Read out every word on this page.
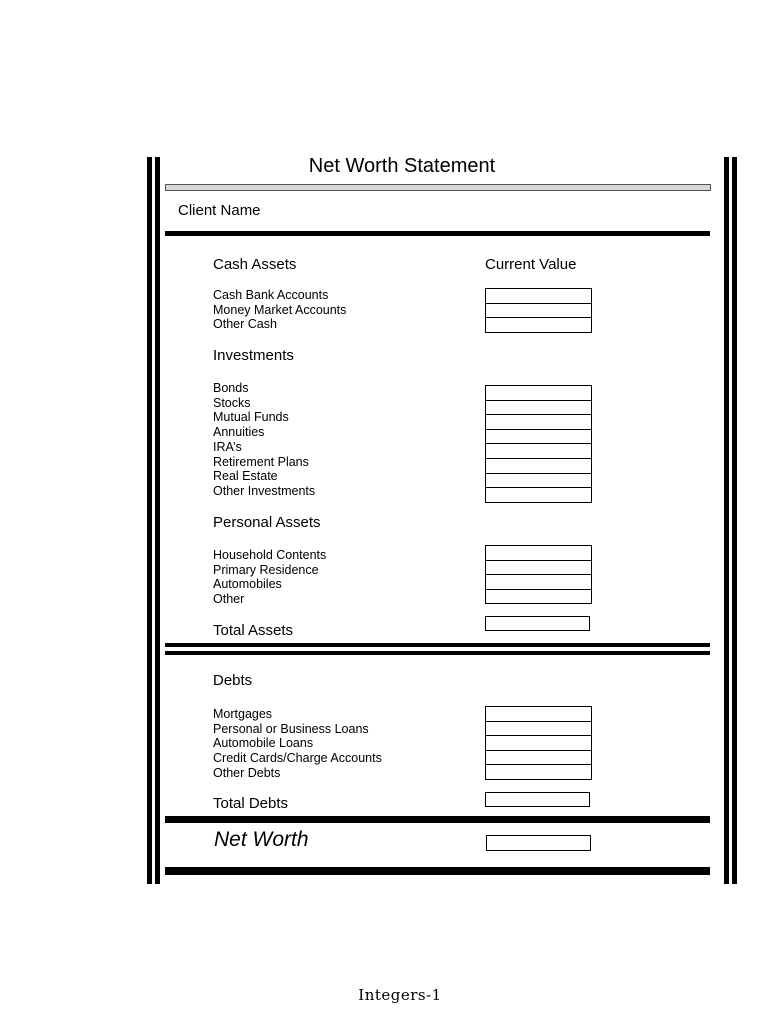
Net Worth Statement
Client Name
Cash Assets	Current Value
Cash Bank Accounts
Money Market Accounts
Other Cash
Investments
Bonds
Stocks
Mutual Funds
Annuities
IRA’s
Retirement Plans
Real Estate
Other Investments
Personal Assets
Household Contents
Primary Residence
Automobiles
Other
Total Assets
Debts
Mortgages
Personal or Business Loans
Automobile Loans
Credit Cards/Charge Accounts
Other Debts
Total Debts
Net Worth
Integers-1
